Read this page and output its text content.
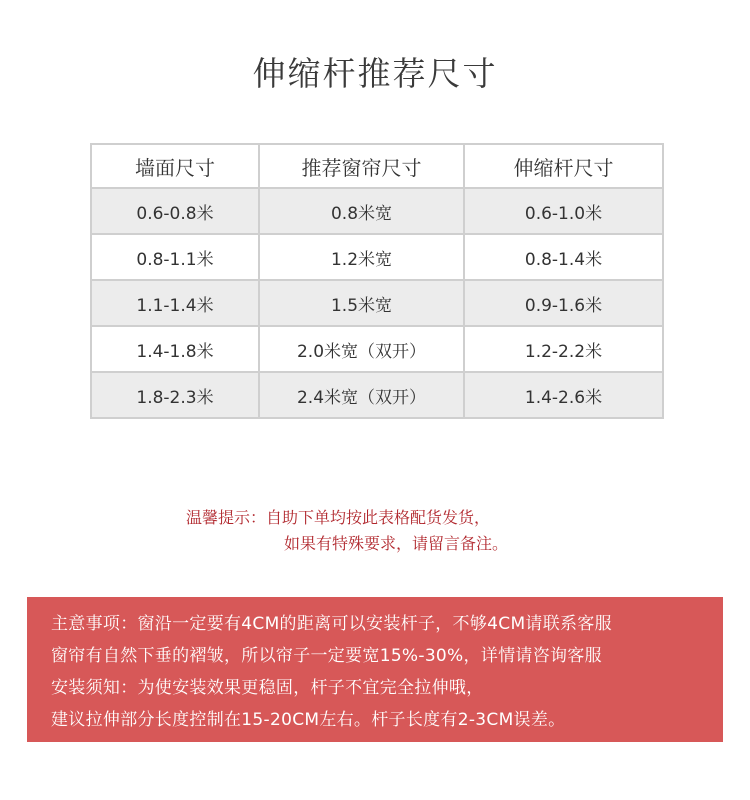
伸缩杆推荐尺寸
墙面尺寸	推荐窗帘尺寸	伸缩杆尺寸
0.6-0.8米	0.8米宽	0.6-1.0米
0.8-1.1米	1.2米宽	0.8-1.4米
1.1-1.4米	1.5米宽	0.9-1.6米
1.4-1.8米	2.0米宽（双开）	1.2-2.2米
1.8-2.3米	2.4米宽（双开）	1.4-2.6米
温馨提示：自助下单均按此表格配货发货，
如果有特殊要求，请留言备注。
主意事项：窗沿一定要有4CM的距离可以安装杆子，不够4CM请联系客服
窗帘有自然下垂的褶皱，所以帘子一定要宽15%-30%，详情请咨询客服
安装须知：为使安装效果更稳固，杆子不宜完全拉伸哦，
建议拉伸部分长度控制在15-20CM左右。杆子长度有2-3CM误差。
